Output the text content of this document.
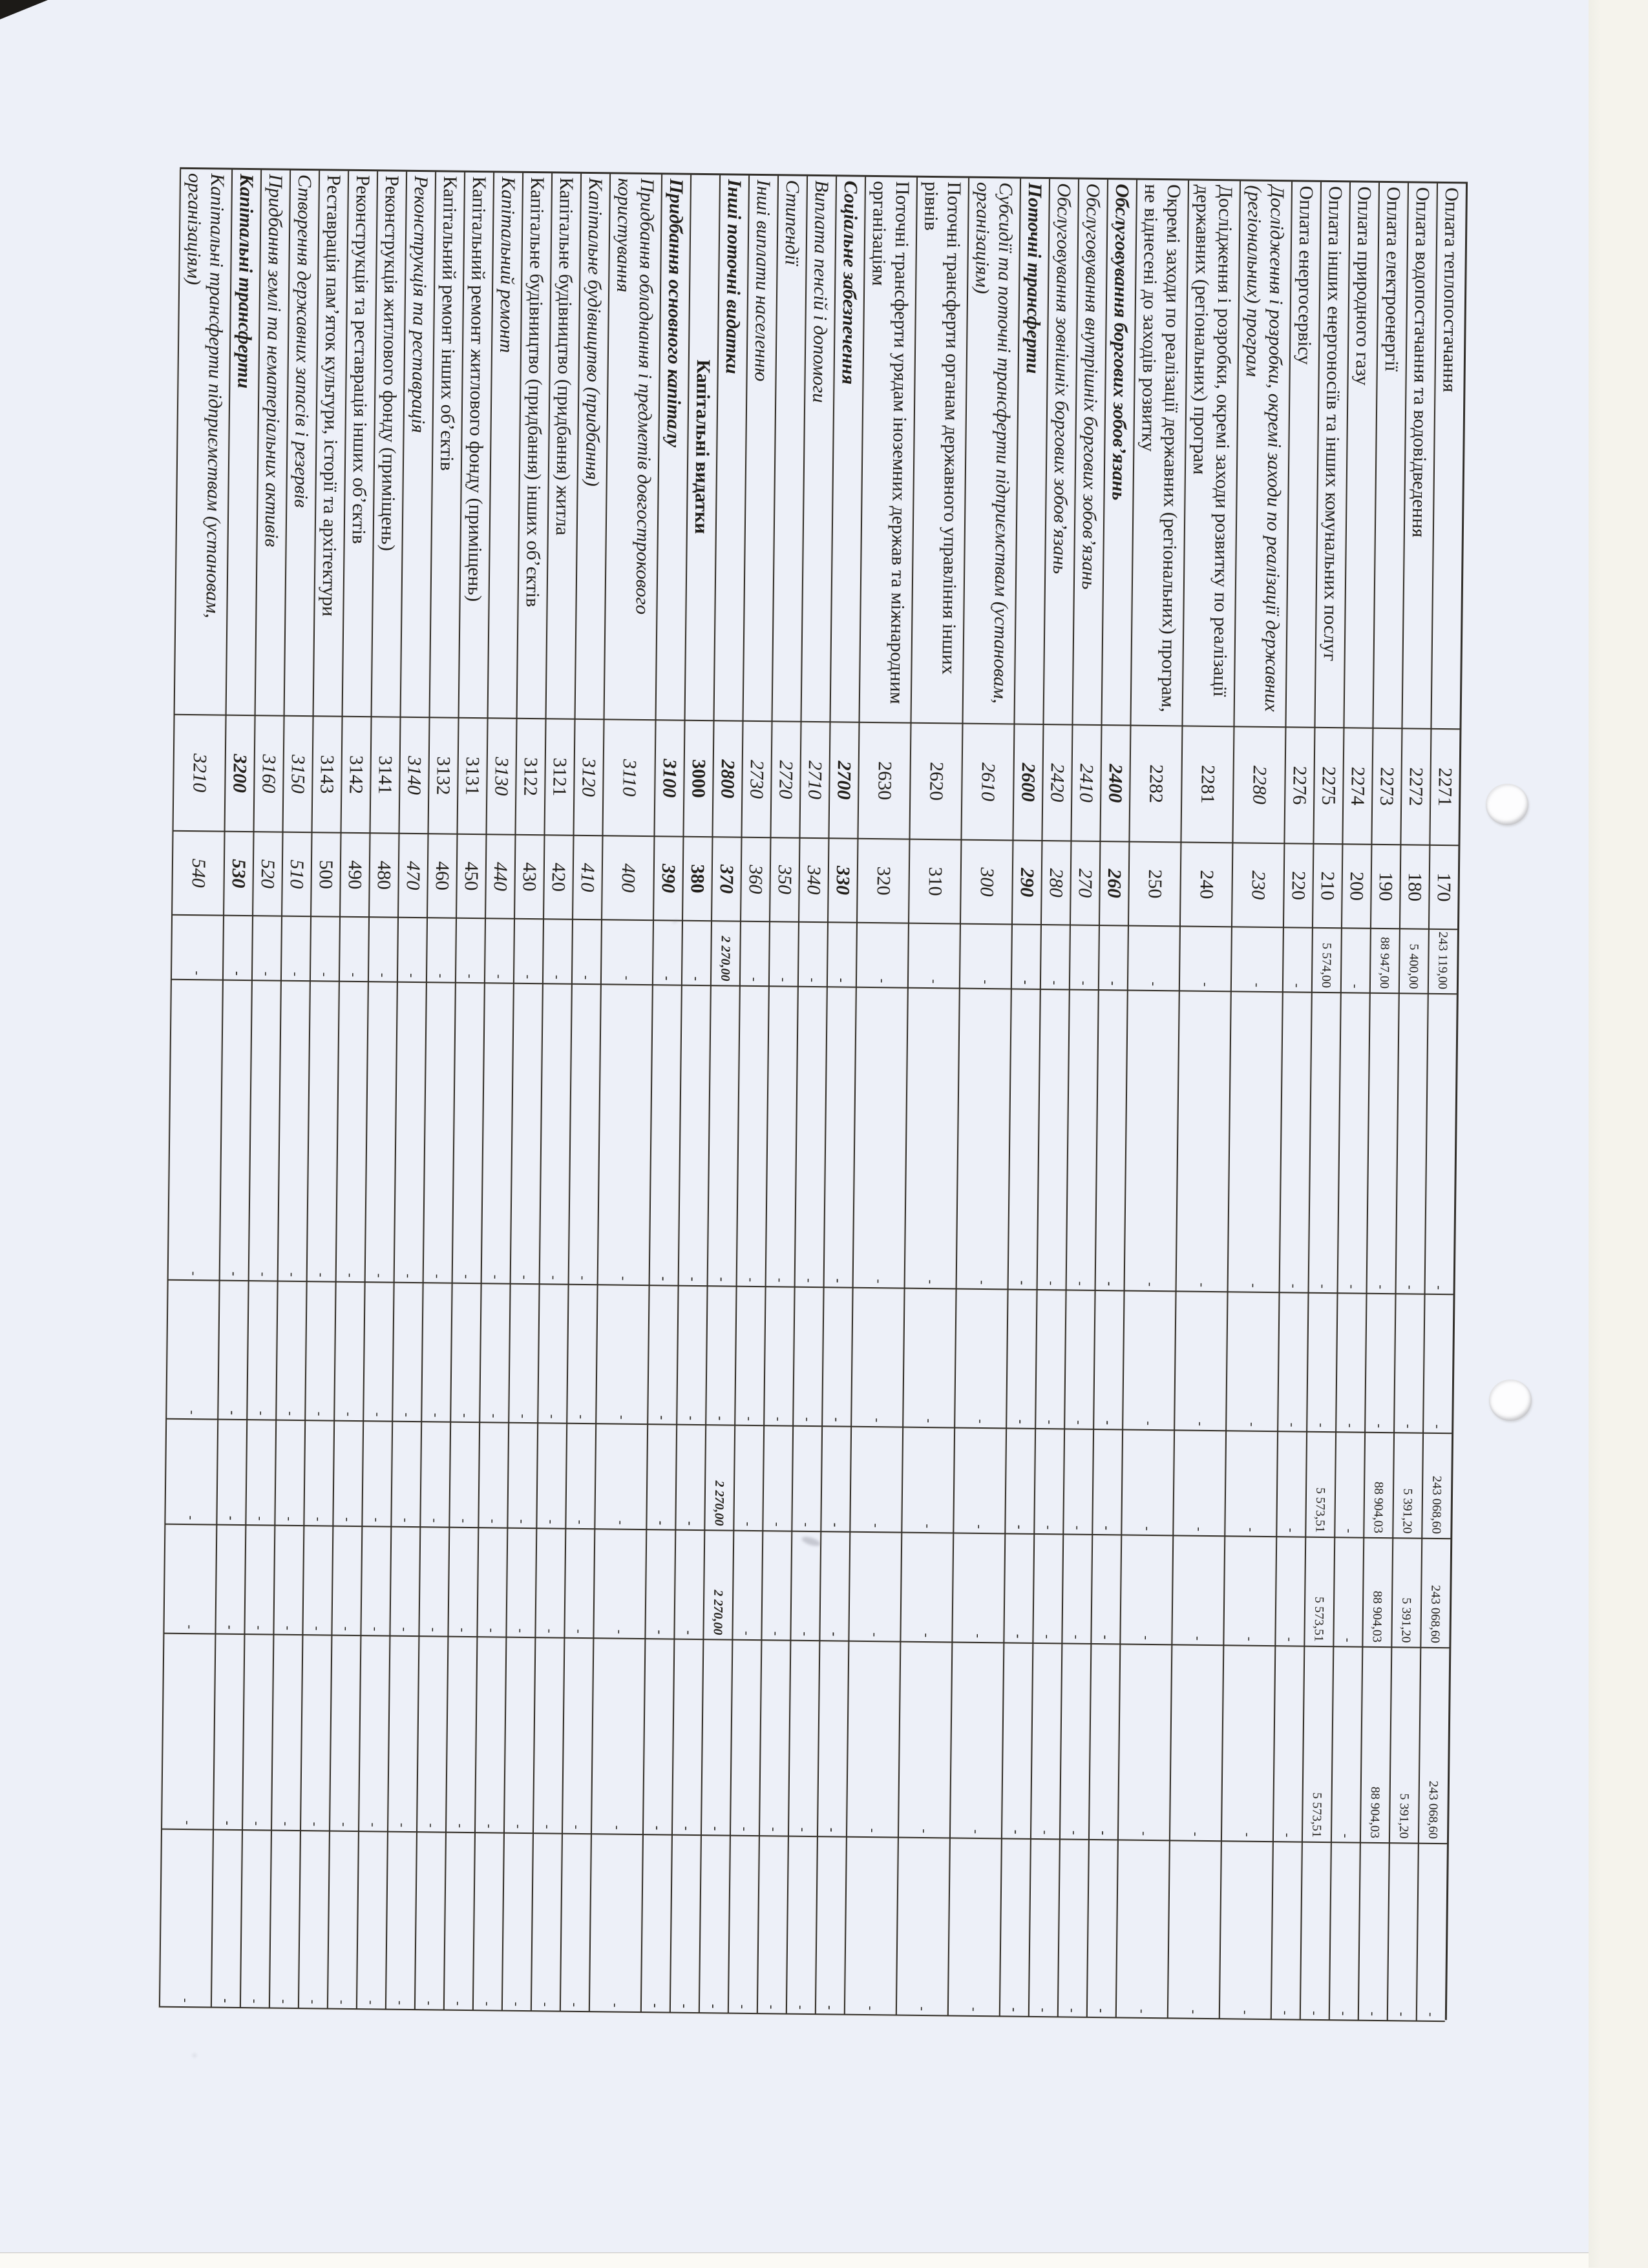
Оплата теплопостачання
2271
170
243 119,00
-
-
243 068,60
243 068,60
243 068,60
-
Оплата водопостачання та водовідведення
2272
180
5 400,00
-
-
5 391,20
5 391,20
5 391,20
-
Оплата електроенергії
2273
190
88 947,00
-
-
88 904,03
88 904,03
88 904,03
-
Оплата природного газу
2274
200
-
-
-
-
-
-
-
Оплата інших енергоносіїв та інших комунальних послуг
2275
210
5 574,00
-
-
5 573,51
5 573,51
5 573,51
-
Оплата енергосервісу
2276
220
-
-
-
-
-
-
-
Дослідження і розробки, окремі заходи по реалізації державних (регіональних) програм
2280
230
-
-
-
-
-
-
-
Дослідження і розробки, окремі заходи розвитку по реалізації державних (регіональних) програм
2281
240
-
-
-
-
-
-
-
Окремі заходи по реалізації державних (регіональних) програм, не віднесені до заходів розвитку
2282
250
-
-
-
-
-
-
-
Обслуговування боргових зобов’язань
2400
260
-
-
-
-
-
-
-
Обслуговування внутрішніх боргових зобов’язань
2410
270
-
-
-
-
-
-
-
Обслуговування зовнішніх боргових зобов’язань
2420
280
-
-
-
-
-
-
-
Поточні трансферти
2600
290
-
-
-
-
-
-
-
Субсидії та поточні трансферти підприємствам (установам, організаціям)
2610
300
-
-
-
-
-
-
-
Поточні трансферти органам державного управління інших рівнів
2620
310
-
-
-
-
-
-
-
Поточні трансферти урядам іноземних держав та міжнародним організаціям
2630
320
-
-
-
-
-
-
-
Соціальне забезпечення
2700
330
-
-
-
-
-
-
-
Виплата пенсій і допомоги
2710
340
-
-
-
-
-
-
-
Стипендії
2720
350
-
-
-
-
-
-
-
Інші виплати населенню
2730
360
-
-
-
-
-
-
-
Інші поточні видатки
2800
370
2 270,00
-
-
2 270,00
2 270,00
-
-
Капітальні видатки
3000
380
-
-
-
-
-
-
-
Придбання основного капіталу
3100
390
-
-
-
-
-
-
-
Придбання обладнання і предметів довгострокового користування
3110
400
-
-
-
-
-
-
-
Капітальне будівництво (придбання)
3120
410
-
-
-
-
-
-
-
Капітальне будівництво (придбання) житла
3121
420
-
-
-
-
-
-
-
Капітальне будівництво (придбання) інших об’єктів
3122
430
-
-
-
-
-
-
-
Капітальний ремонт
3130
440
-
-
-
-
-
-
-
Капітальний ремонт житлового фонду (приміщень)
3131
450
-
-
-
-
-
-
-
Капітальний ремонт інших об’єктів
3132
460
-
-
-
-
-
-
-
Реконструкція та реставрація
3140
470
-
-
-
-
-
-
-
Реконструкція житлового фонду (приміщень)
3141
480
-
-
-
-
-
-
-
Реконструкція та реставрація інших об’єктів
3142
490
-
-
-
-
-
-
-
Реставрація пам’яток культури, історії та архітектури
3143
500
-
-
-
-
-
-
-
Створення державних запасів і резервів
3150
510
-
-
-
-
-
-
-
Придбання землі та нематеріальних активів
3160
520
-
-
-
-
-
-
-
Капітальні трансферти
3200
530
-
-
-
-
-
-
-
Капітальні трансферти підприємствам (установам, організаціям)
3210
540
-
-
-
-
-
-
-
